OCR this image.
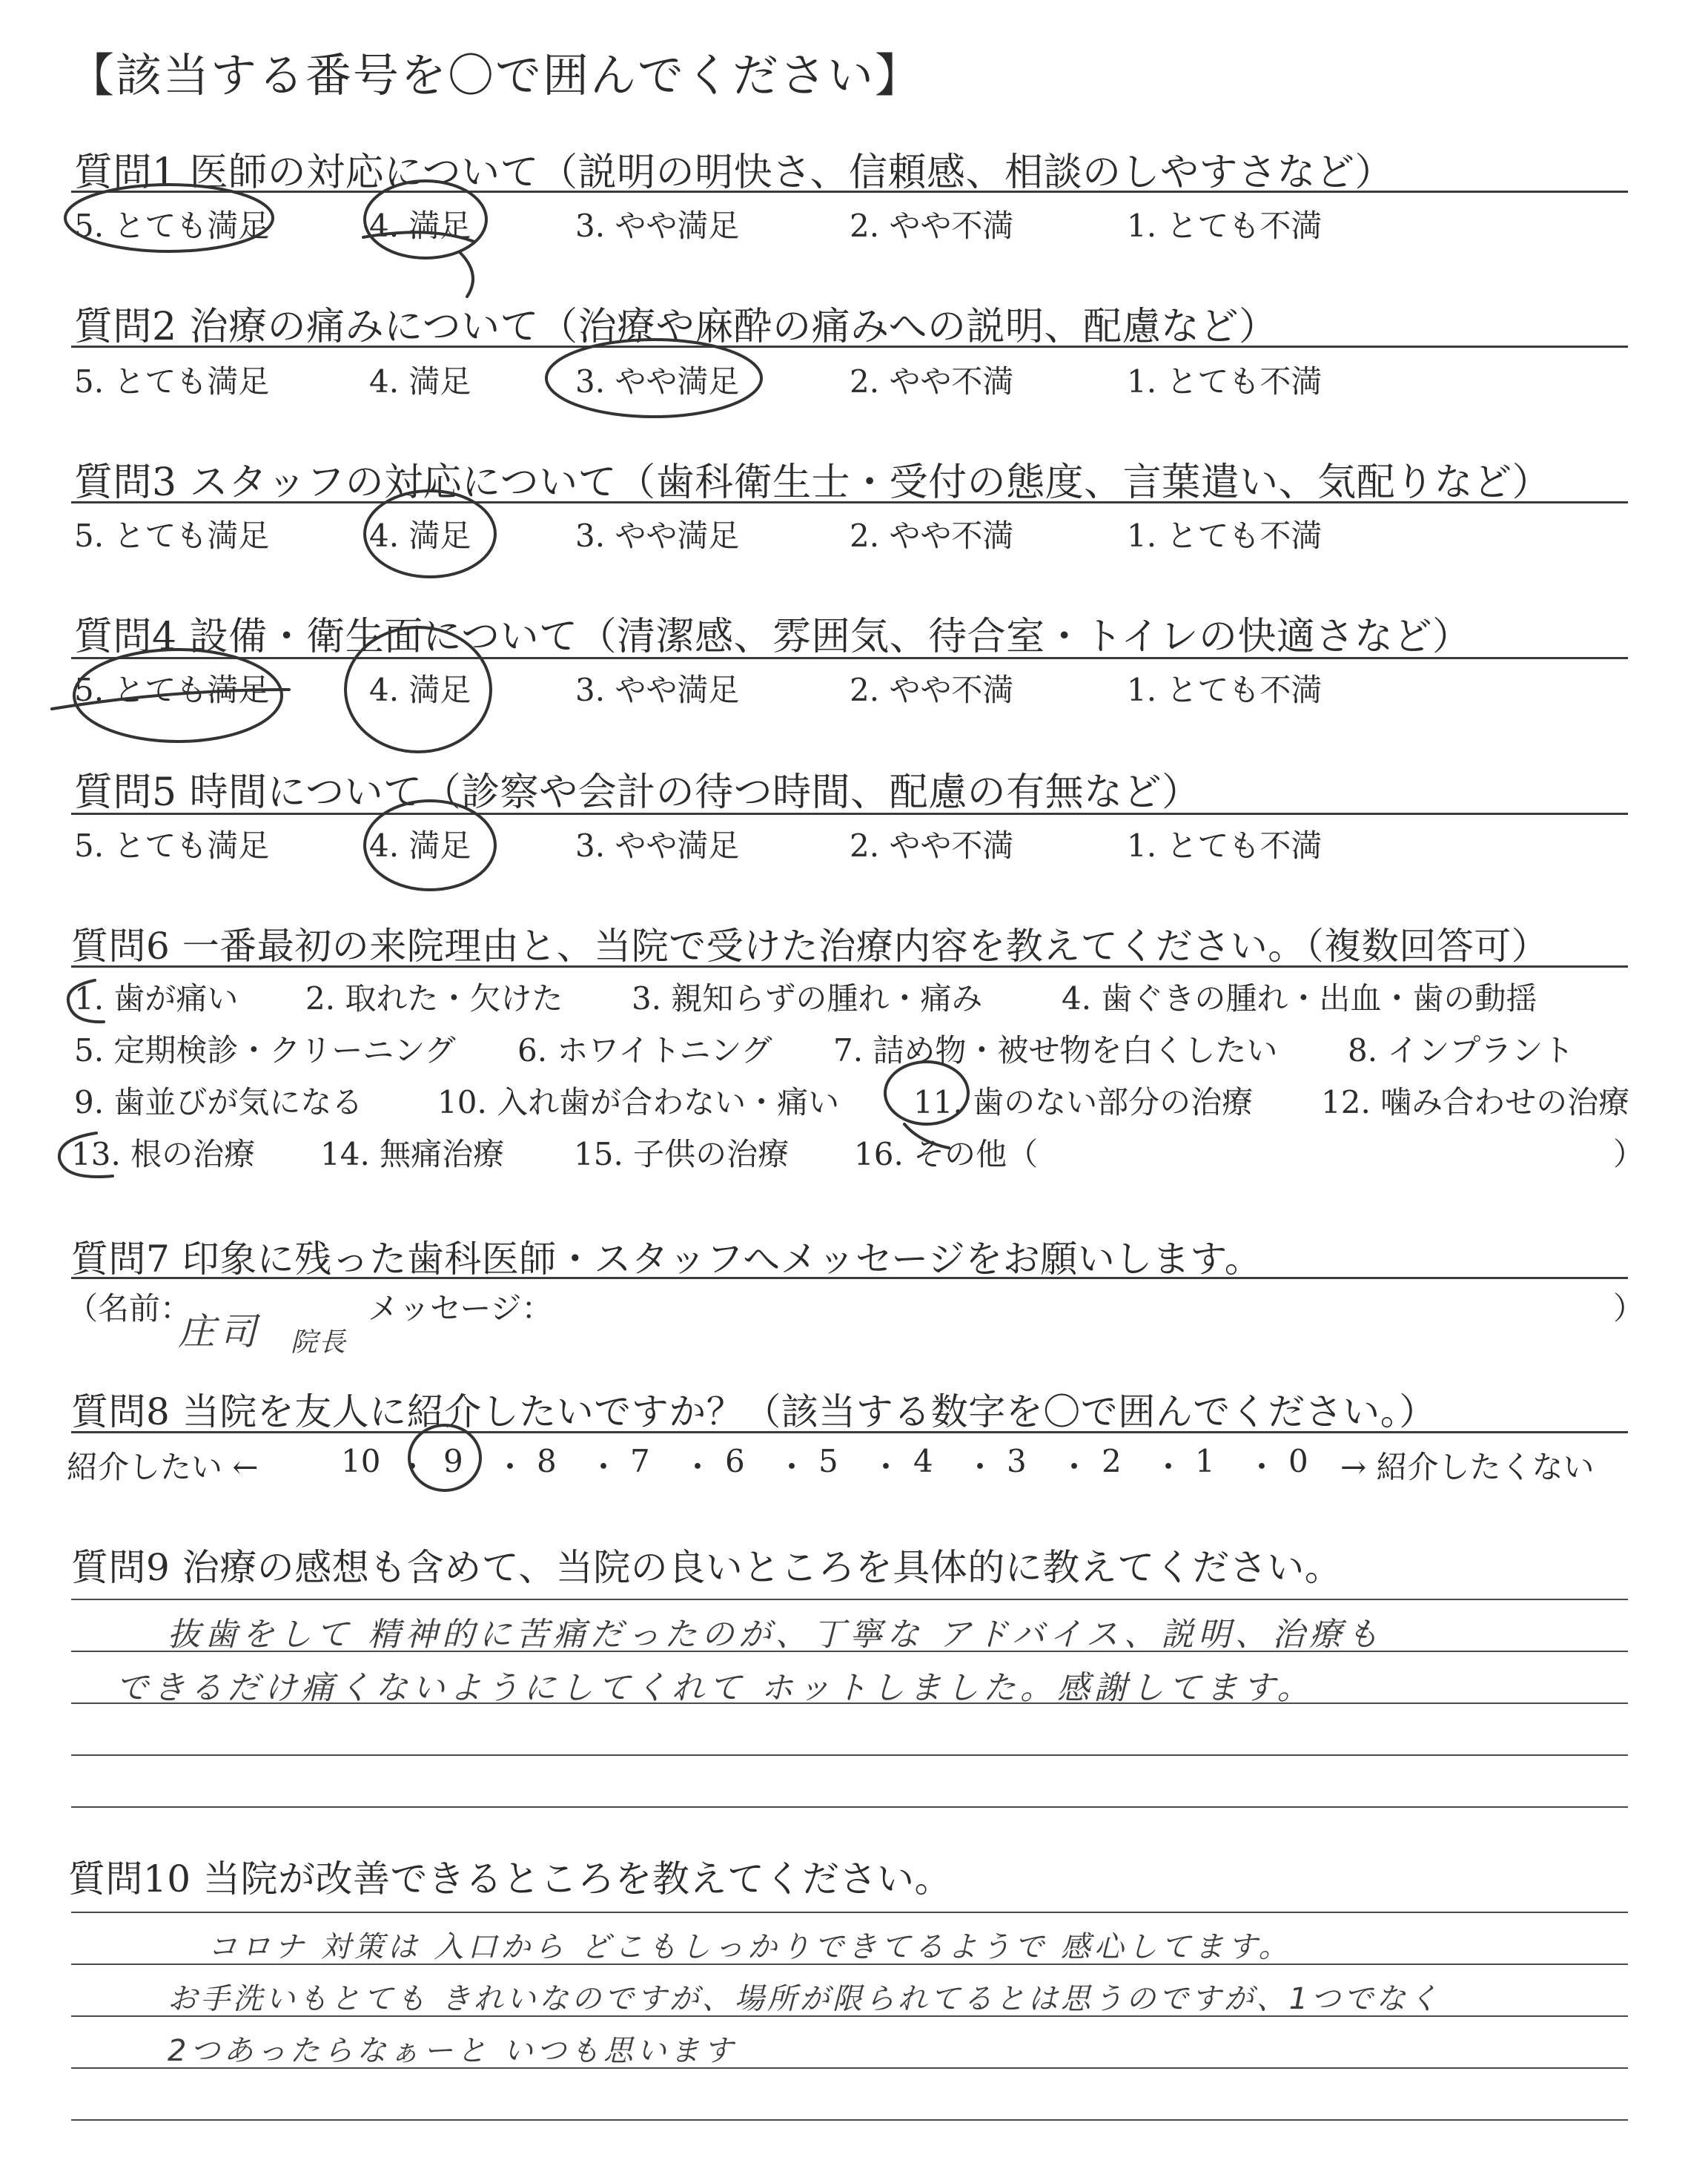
【該当する番号を〇で囲んでください】
質問1 医師の対応について（説明の明快さ、信頼感、相談のしやすさなど）
5. とても満足	4. 満足	3. やや満足	2. やや不満	1. とても不満
質問2 治療の痛みについて（治療や麻酔の痛みへの説明、配慮など）
5. とても満足	4. 満足	3. やや満足	2. やや不満	1. とても不満
質問3 スタッフの対応について（歯科衛生士・受付の態度、言葉遣い、気配りなど）
5. とても満足	4. 満足	3. やや満足	2. やや不満	1. とても不満
質問4 設備・衛生面について（清潔感、雰囲気、待合室・トイレの快適さなど）
5. とても満足	4. 満足	3. やや満足	2. やや不満	1. とても不満
質問5 時間について（診察や会計の待つ時間、配慮の有無など）
5. とても満足	4. 満足	3. やや満足	2. やや不満	1. とても不満
質問6 一番最初の来院理由と、当院で受けた治療内容を教えてください。（複数回答可）
1. 歯が痛い 2. 取れた・欠けた 3. 親知らずの腫れ・痛み	4. 歯ぐきの腫れ・出血・歯の動揺
5. 定期検診・クリーニング 6. ホワイトニング 7. 詰め物・被せ物を白くしたい 8. インプラント
9. 歯並びが気になる 10. 入れ歯が合わない・痛い 11. 歯のない部分の治療 12. 噛み合わせの治療
13. 根の治療 14. 無痛治療 15. 子供の治療 16. その他（	）
質問7 印象に残った歯科医師・スタッフへメッセージをお願いします。
（名前：
庄司 院長
メッセージ：	）
質問8 当院を友人に紹介したいですか？（該当する数字を〇で囲んでください。）
紹介したい ←	10 ・ 9 ・ 8 ・ 7 ・ 6 ・ 5 ・ 4 ・ 3 ・ 2 ・ 1 ・ 0 → 紹介したくない
質問9 治療の感想も含めて、当院の良いところを具体的に教えてください。
抜歯をして 精神的に苦痛だったのが、丁寧な アドバイス、説明、治療も
できるだけ痛くないようにしてくれて ホットしました。感謝してます。
質問10 当院が改善できるところを教えてください。
コロナ 対策は 入口から どこもしっかりできてるようで 感心してます。
お手洗いもとても きれいなのですが、場所が限られてるとは思うのですが、1つでなく
2つあったらなぁーと いつも思います
